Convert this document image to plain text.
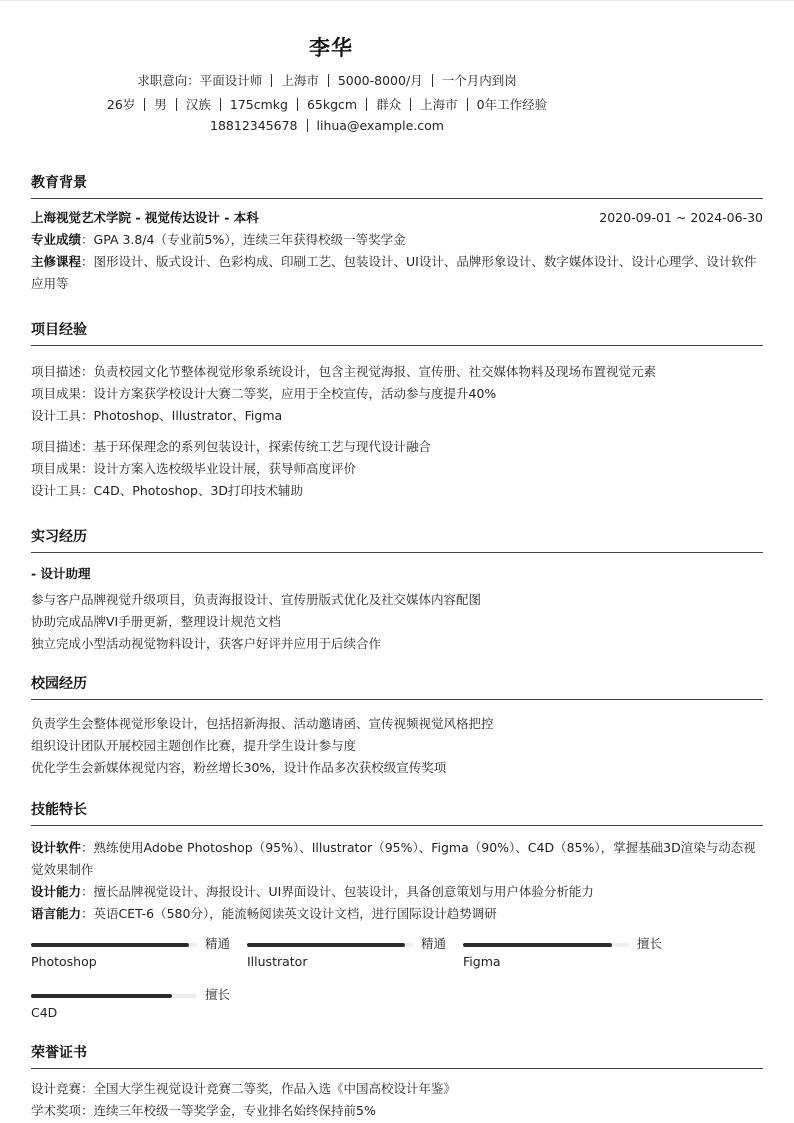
李华
求职意向：平面设计师 上海市 5000-8000/月 一个月内到岗
26岁 男 汉族 175cmkg 65kgcm 群众 上海市 0年工作经验
18812345678 lihua@example.com
教育背景
上海视觉艺术学院 - 视觉传达设计 - 本科	2020-09-01 ~ 2024-06-30
专业成绩：GPA 3.8/4（专业前5%），连续三年获得校级一等奖学金
主修课程：图形设计、版式设计、色彩构成、印刷工艺、包装设计、UI设计、品牌形象设计、数字媒体设计、设计心理学、设计软件应用等
项目经验
项目描述：负责校园文化节整体视觉形象系统设计，包含主视觉海报、宣传册、社交媒体物料及现场布置视觉元素
项目成果：设计方案获学校设计大赛二等奖，应用于全校宣传，活动参与度提升40%
设计工具：Photoshop、Illustrator、Figma
项目描述：基于环保理念的系列包装设计，探索传统工艺与现代设计融合
项目成果：设计方案入选校级毕业设计展，获导师高度评价
设计工具：C4D、Photoshop、3D打印技术辅助
实习经历
- 设计助理
参与客户品牌视觉升级项目，负责海报设计、宣传册版式优化及社交媒体内容配图
协助完成品牌VI手册更新，整理设计规范文档
独立完成小型活动视觉物料设计，获客户好评并应用于后续合作
校园经历
负责学生会整体视觉形象设计，包括招新海报、活动邀请函、宣传视频视觉风格把控
组织设计团队开展校园主题创作比赛，提升学生设计参与度
优化学生会新媒体视觉内容，粉丝增长30%，设计作品多次获校级宣传奖项
技能特长
设计软件：熟练使用Adobe Photoshop（95%）、Illustrator（95%）、Figma（90%）、C4D（85%），掌握基础3D渲染与动态视觉效果制作
设计能力：擅长品牌视觉设计、海报设计、UI界面设计、包装设计，具备创意策划与用户体验分析能力
语言能力：英语CET-6（580分），能流畅阅读英文设计文档，进行国际设计趋势调研
精通
Photoshop
精通
Illustrator
擅长
Figma
擅长
C4D
荣誉证书
设计竞赛：全国大学生视觉设计竞赛二等奖，作品入选《中国高校设计年鉴》
学术奖项：连续三年校级一等奖学金，专业排名始终保持前5%
